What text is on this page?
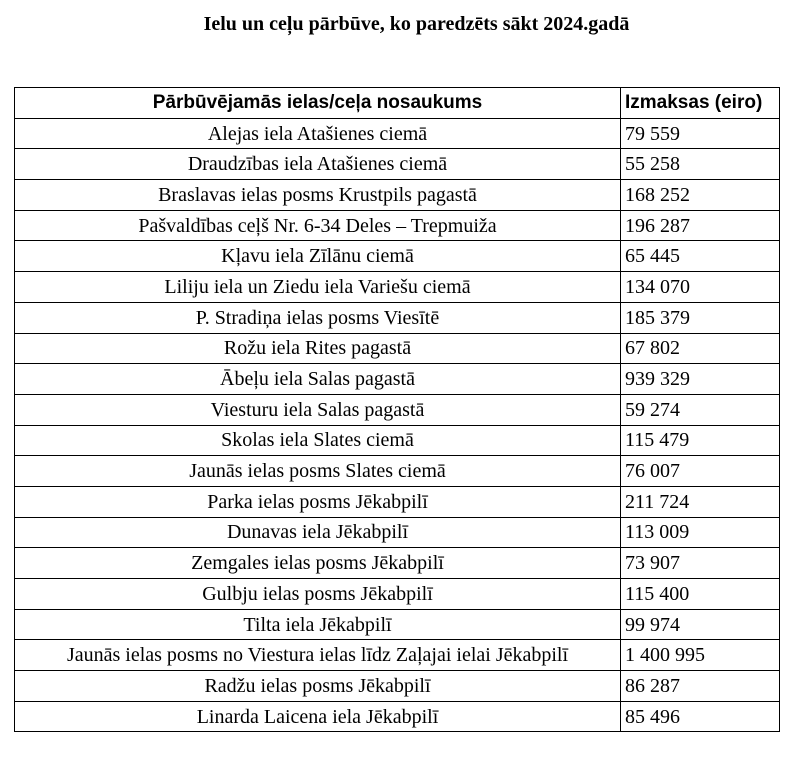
Ielu un ceļu pārbūve, ko paredzēts sākt 2024.gadā
Pārbūvējamās ielas/ceļa nosaukums	Izmaksas (eiro)
Alejas iela Atašienes ciemā	79 559
Draudzības iela Atašienes ciemā	55 258
Braslavas ielas posms Krustpils pagastā	168 252
Pašvaldības ceļš Nr. 6-34 Deles – Trepmuiža	196 287
Kļavu iela Zīlānu ciemā	65 445
Liliju iela un Ziedu iela Variešu ciemā	134 070
P. Stradiņa ielas posms Viesītē	185 379
Rožu iela Rites pagastā	67 802
Ābeļu iela Salas pagastā	939 329
Viesturu iela Salas pagastā	59 274
Skolas iela Slates ciemā	115 479
Jaunās ielas posms Slates ciemā	76 007
Parka ielas posms Jēkabpilī	211 724
Dunavas iela Jēkabpilī	113 009
Zemgales ielas posms Jēkabpilī	73 907
Gulbju ielas posms Jēkabpilī	115 400
Tilta iela Jēkabpilī	99 974
Jaunās ielas posms no Viestura ielas līdz Zaļajai ielai Jēkabpilī	1 400 995
Radžu ielas posms Jēkabpilī	86 287
Linarda Laicena iela Jēkabpilī	85 496
